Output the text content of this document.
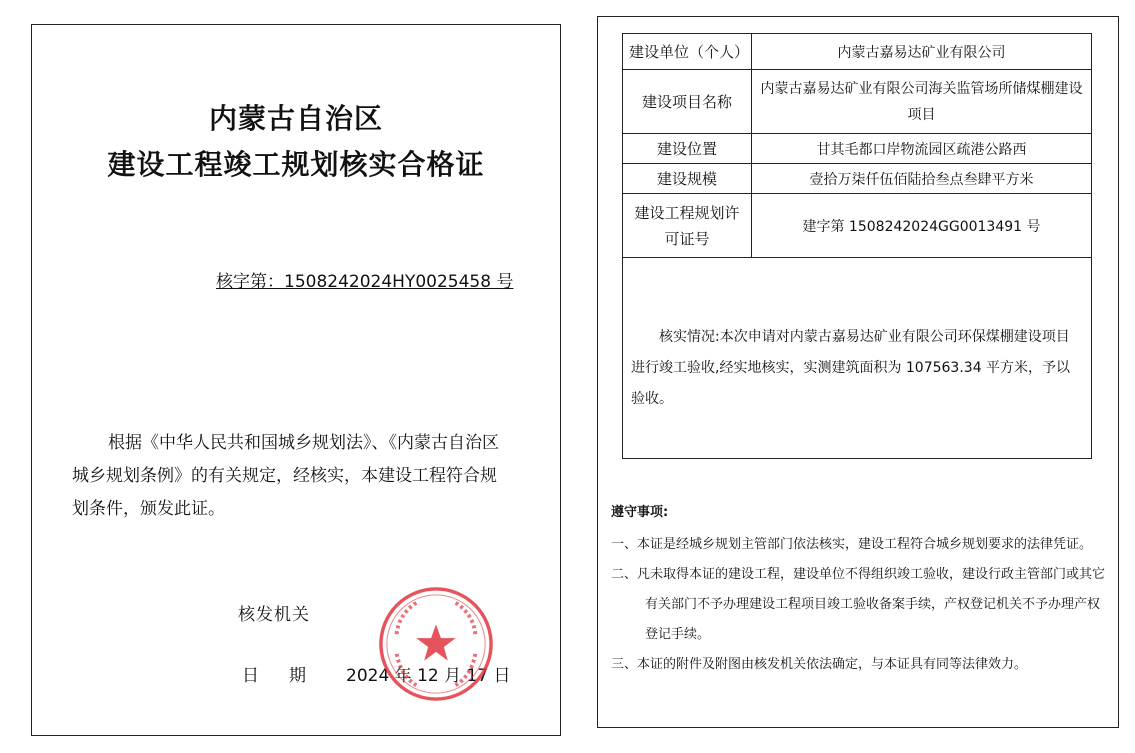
内蒙古自治区
建设工程竣工规划核实合格证
核字第：1508242024HY0025458 号
根据《中华人民共和国城乡规划法》、《内蒙古自治区城乡规划条例》的有关规定，经核实，本建设工程符合规划条件，颁发此证。
核发机关
日期 2024 年 12 月 17 日
建设单位（个人）	内蒙古嘉易达矿业有限公司
建设项目名称	内蒙古嘉易达矿业有限公司海关监管场所储煤棚建设项目
建设位置	甘其毛都口岸物流园区疏港公路西
建设规模	壹拾万柒仟伍佰陆拾叁点叁肆平方米
建设工程规划许可证号	建字第 1508242024GG0013491 号

核实情况:本次申请对内蒙古嘉易达矿业有限公司环保煤棚建设项目进行竣工验收,经实地核实，实测建筑面积为 107563.34 平方米，予以验收。	
遵守事项:
一、本证是经城乡规划主管部门依法核实，建设工程符合城乡规划要求的法律凭证。
二、凡未取得本证的建设工程，建设单位不得组织竣工验收，建设行政主管部门或其它有关部门不予办理建设工程项目竣工验收备案手续，产权登记机关不予办理产权登记手续。
三、本证的附件及附图由核发机关依法确定，与本证具有同等法律效力。
